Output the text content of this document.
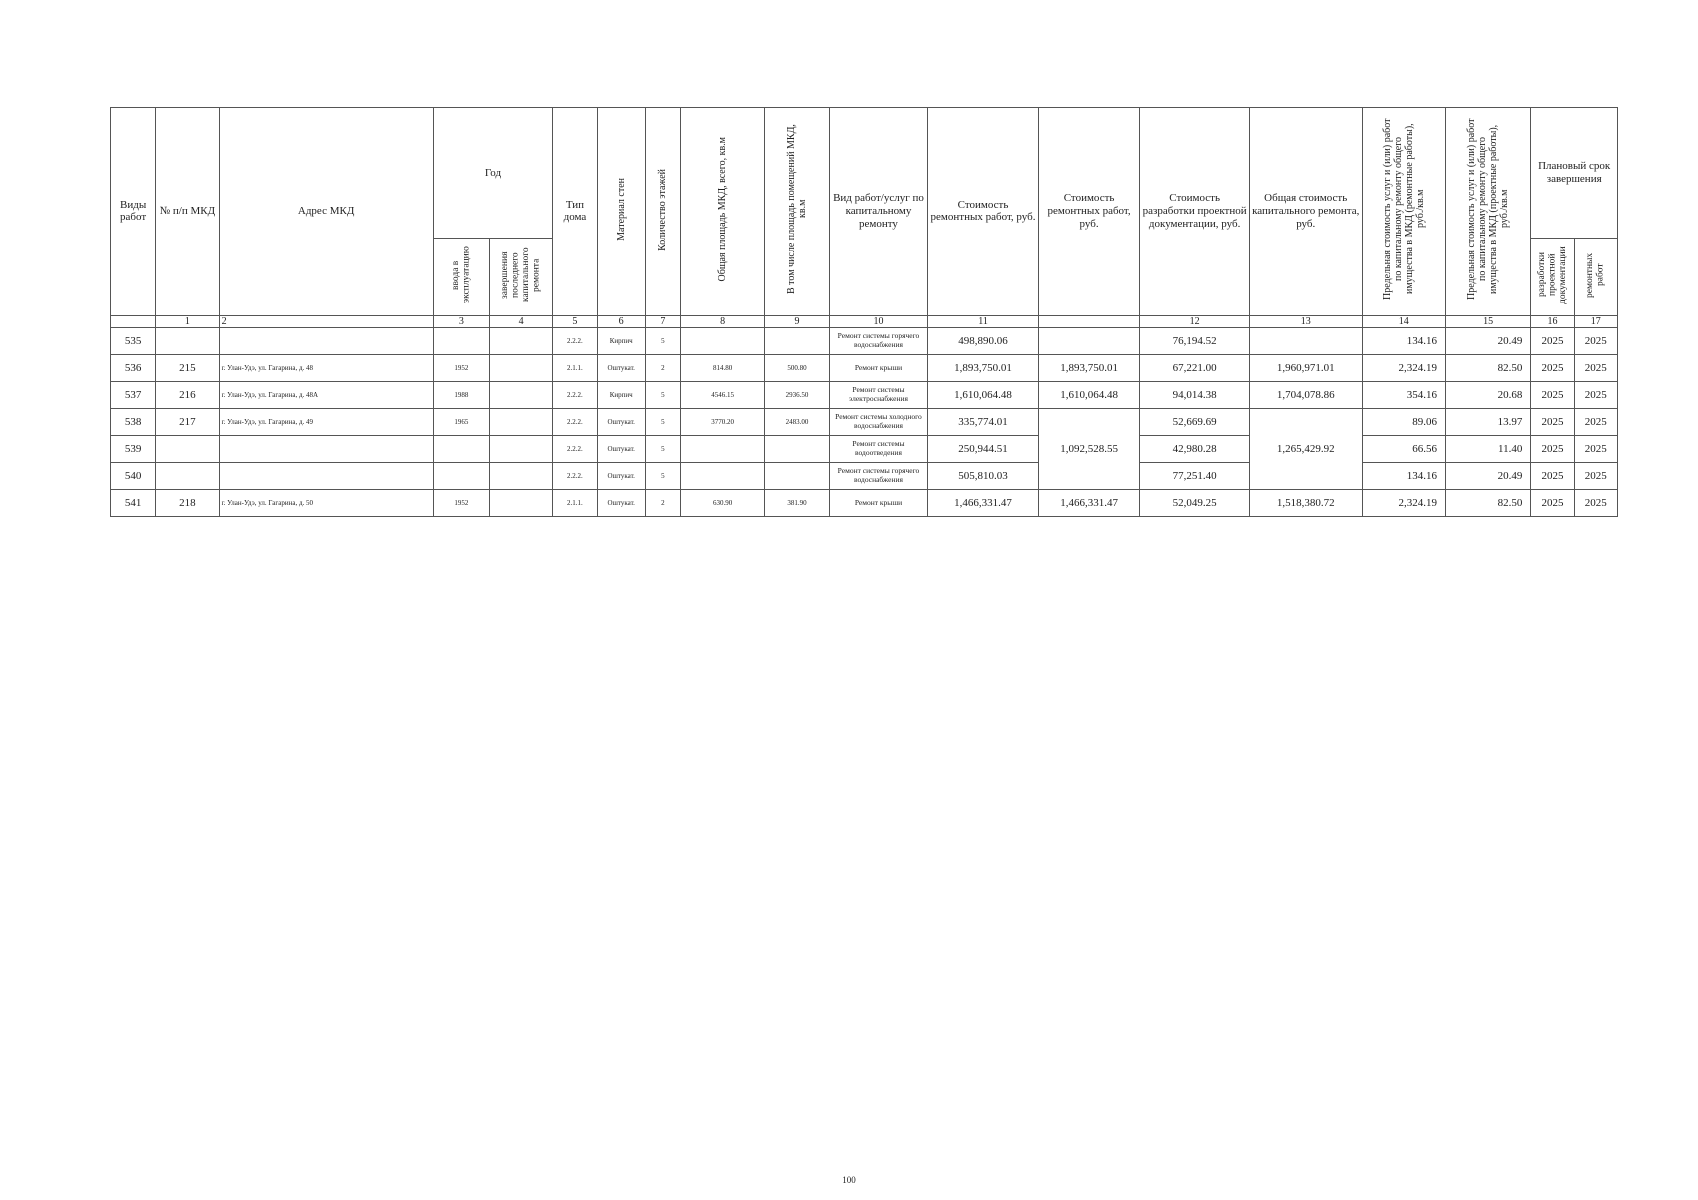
Виды работ	№ п/п МКД	Адрес МКД	Год		Тип дома	Материал стен	Количество этажей	Общая площадь МКД, всего, кв.м	В том числе площадь помещений МКД, кв.м	Вид работ/услуг по капитальному ремонту	Стоимость ремонтных работ, руб.	Стоимость ремонтных работ, руб.	Стоимость разработки проектной документации, руб.	Общая стоимость капитального ремонта, руб.	Предельная стоимость услуг и (или) работ по капитальному ремонту общего имущества в МКД (ремонтные работы), руб./кв.м	Предельная стоимость услуг и (или) работ по капитальному ремонту общего имущества в МКД (проектные работы), руб./кв.м	Плановый срок завершения	
			ввода в эксплуатацию	завершения последнего капитального ремонта													разработки проектной документации	ремонтных работ
	1	2	3	4	5	6	7	8	9	10	11		12	13	14	15	16	17
535					2.2.2.	Кирпич	5			Ремонт системы горячего водоснабжения	498,890.06		76,194.52		134.16	20.49	2025	2025
536	215	г. Улан-Удэ, ул. Гагарина, д. 48	1952		2.1.1.	Оштукат.	2	814.80	500.80	Ремонт крыши	1,893,750.01	1,893,750.01	67,221.00	1,960,971.01	2,324.19	82.50	2025	2025
537	216	г. Улан-Удэ, ул. Гагарина, д. 48А	1988		2.2.2.	Кирпич	5	4546.15	2936.50	Ремонт системы электроснабжения	1,610,064.48	1,610,064.48	94,014.38	1,704,078.86	354.16	20.68	2025	2025
538	217	г. Улан-Удэ, ул. Гагарина, д. 49	1965		2.2.2.	Оштукат.	5	3770.20	2483.00	Ремонт системы холодного водоснабжения	335,774.01	1,092,528.55	52,669.69	1,265,429.92	89.06	13.97	2025	2025
539					2.2.2.	Оштукат.	5			Ремонт системы водоотведения	250,944.51		42,980.28		66.56	11.40	2025	2025
540					2.2.2.	Оштукат.	5			Ремонт системы горячего водоснабжения	505,810.03		77,251.40		134.16	20.49	2025	2025
541	218	г. Улан-Удэ, ул. Гагарина, д. 50	1952		2.1.1.	Оштукат.	2	630.90	381.90	Ремонт крыши	1,466,331.47	1,466,331.47	52,049.25	1,518,380.72	2,324.19	82.50	2025	2025
100
